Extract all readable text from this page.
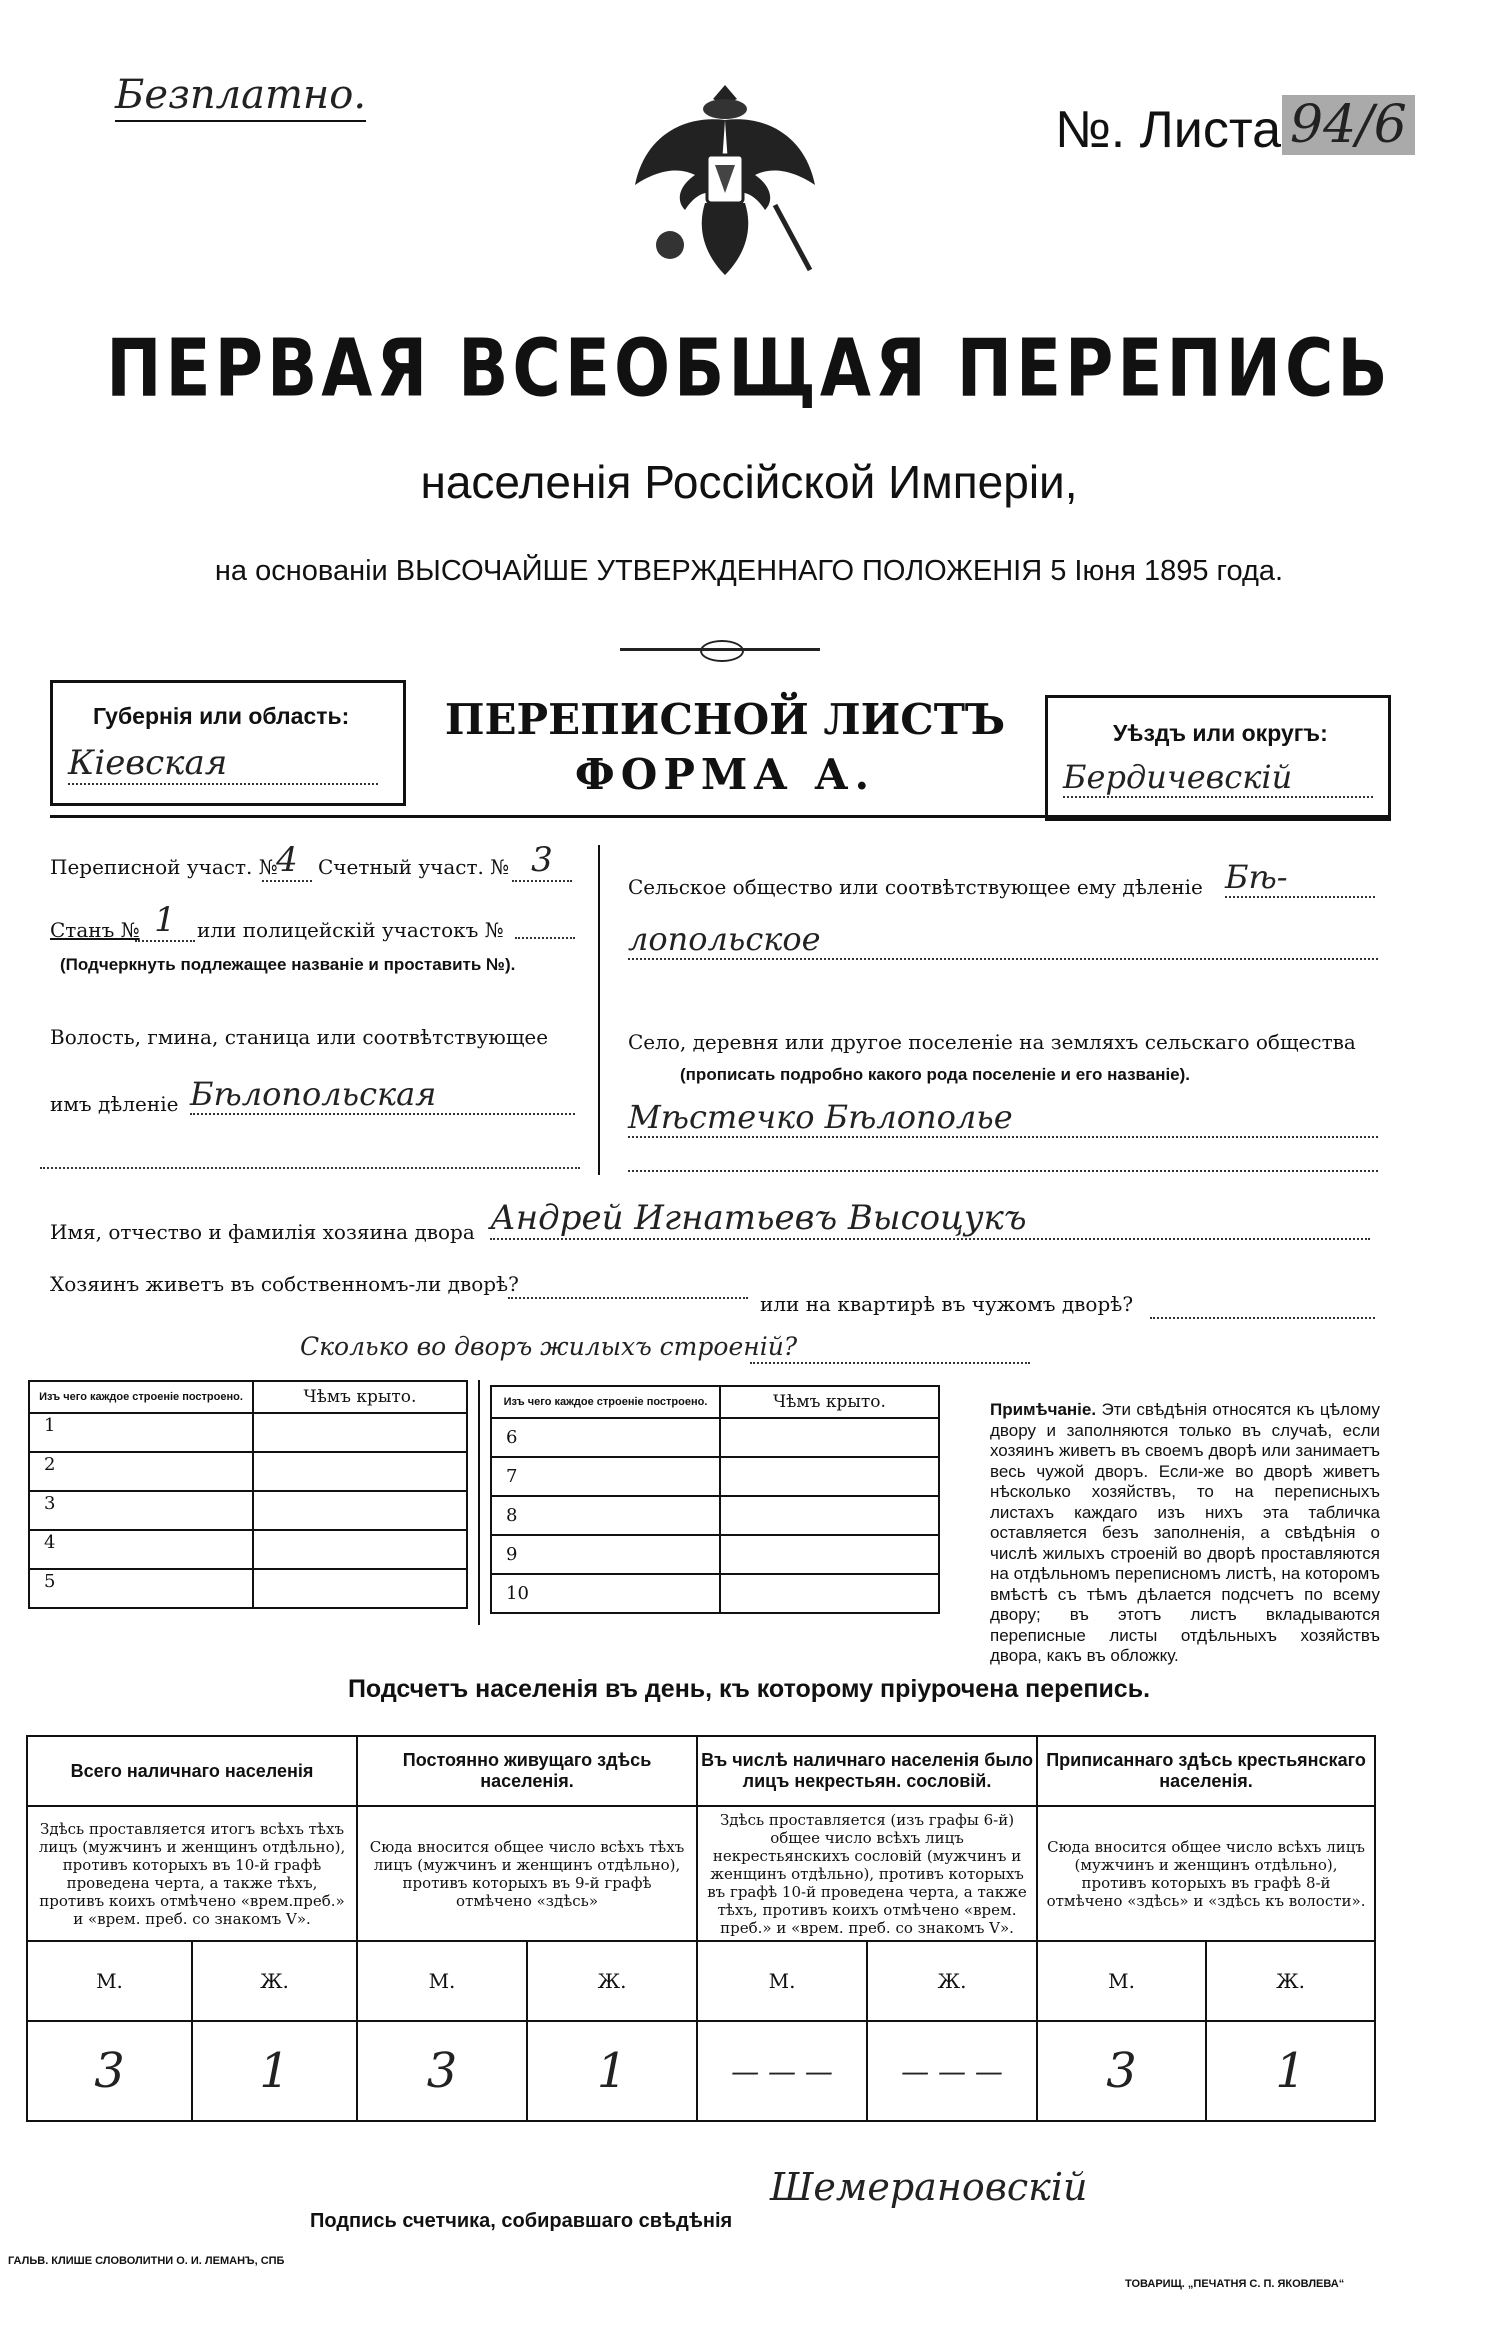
Безплатно.
№. Листа 94/6
ПЕРВАЯ ВСЕОБЩАЯ ПЕРЕПИСЬ
населенія Россійской Имперіи,
на основаніи ВЫСОЧАЙШЕ УТВЕРЖДЕННАГО ПОЛОЖЕНІЯ 5 Іюня 1895 года.
Губернія или область:
Кіевская
ПЕРЕПИСНОЙ ЛИСТЪ
ФОРМА А.
Уѣздъ или округъ:
Бердичевскій
Переписной участ. №
4	Счетный участ. № 3
Станъ № 1	или полицейскій участокъ №
(Подчеркнуть подлежащее названіе и проставить №).
Волость, гмина, станица или соотвѣтствующее
имъ дѣленіе Бѣлопольская
Сельское общество или соотвѣтствующее ему дѣленіе Бѣ-
лопольское
Село, деревня или другое поселеніе на земляхъ сельскаго общества
(прописать подробно какого рода поселеніе и его названіе).
Мѣстечко Бѣлополье
Имя, отчество и фамилія хозяина двора Андрей Игнатьевъ Высоцукъ
Хозяинъ живетъ въ собственномъ-ли дворѣ?
или на квартирѣ въ чужомъ дворѣ?
Сколько во дворъ жилыхъ строеній?
Изъ чего каждое строеніе построено.	Чѣмъ крыто.
1	
2	
3	
4	
5	
Изъ чего каждое строеніе построено.	Чѣмъ крыто.
6	
7	
8	
9	
10	
Примѣчаніе. Эти свѣдѣнія относятся къ цѣлому двору и заполняются только въ случаѣ, если хозяинъ живетъ въ своемъ дворѣ или занимаетъ весь чужой дворъ. Если-же во дворѣ живетъ нѣсколько хозяйствъ, то на переписныхъ листахъ каждаго изъ нихъ эта табличка оставляется безъ заполненія, а свѣдѣнія о числѣ жилыхъ строеній во дворѣ проставляются на отдѣльномъ переписномъ листѣ, на которомъ вмѣстѣ съ тѣмъ дѣлается подсчетъ по всему двору; въ этотъ листъ вкладываются переписные листы отдѣльныхъ хозяйствъ двора, какъ въ обложку.
Подсчетъ населенія въ день, къ которому пріурочена перепись.
Всего наличнаго населенія		Постоянно живущаго здѣсь населенія.		Въ числѣ наличнаго населенія было лицъ некрестьян. сословій.		Приписаннаго здѣсь крестьянскаго населенія.	
Здѣсь проставляется итогъ всѣхъ тѣхъ лицъ (мужчинъ и женщинъ отдѣльно), противъ которыхъ въ 10-й графѣ проведена черта, а также тѣхъ, противъ коихъ отмѣчено «врем.преб.» и «врем. преб. со знакомъ V».		Сюда вносится общее число всѣхъ тѣхъ лицъ (мужчинъ и женщинъ отдѣльно), противъ которыхъ въ 9-й графѣ отмѣчено «здѣсь»		Здѣсь проставляется (изъ графы 6-й) общее число всѣхъ лицъ некрестьянскихъ сословій (мужчинъ и женщинъ отдѣльно), противъ которыхъ въ графѣ 10-й проведена черта, а также тѣхъ, противъ коихъ отмѣчено «врем. преб.» и «врем. преб. со знакомъ V».		Сюда вносится общее число всѣхъ лицъ (мужчинъ и женщинъ отдѣльно), противъ которыхъ въ графѣ 8-й отмѣчено «здѣсь» и «здѣсь къ волости».	
М.	Ж.	М.	Ж.	М.	Ж.	М.	Ж.
3	1	3	1	— — —	— — —	3	1
Подпись счетчика, собиравшаго свѣдѣнія
Шемерановскій
ГАЛЬВ. КЛИШЕ СЛОВОЛИТНИ О. И. ЛЕМАНЪ, СПБ
ТОВАРИЩ. „ПЕЧАТНЯ С. П. ЯКОВЛЕВА“
